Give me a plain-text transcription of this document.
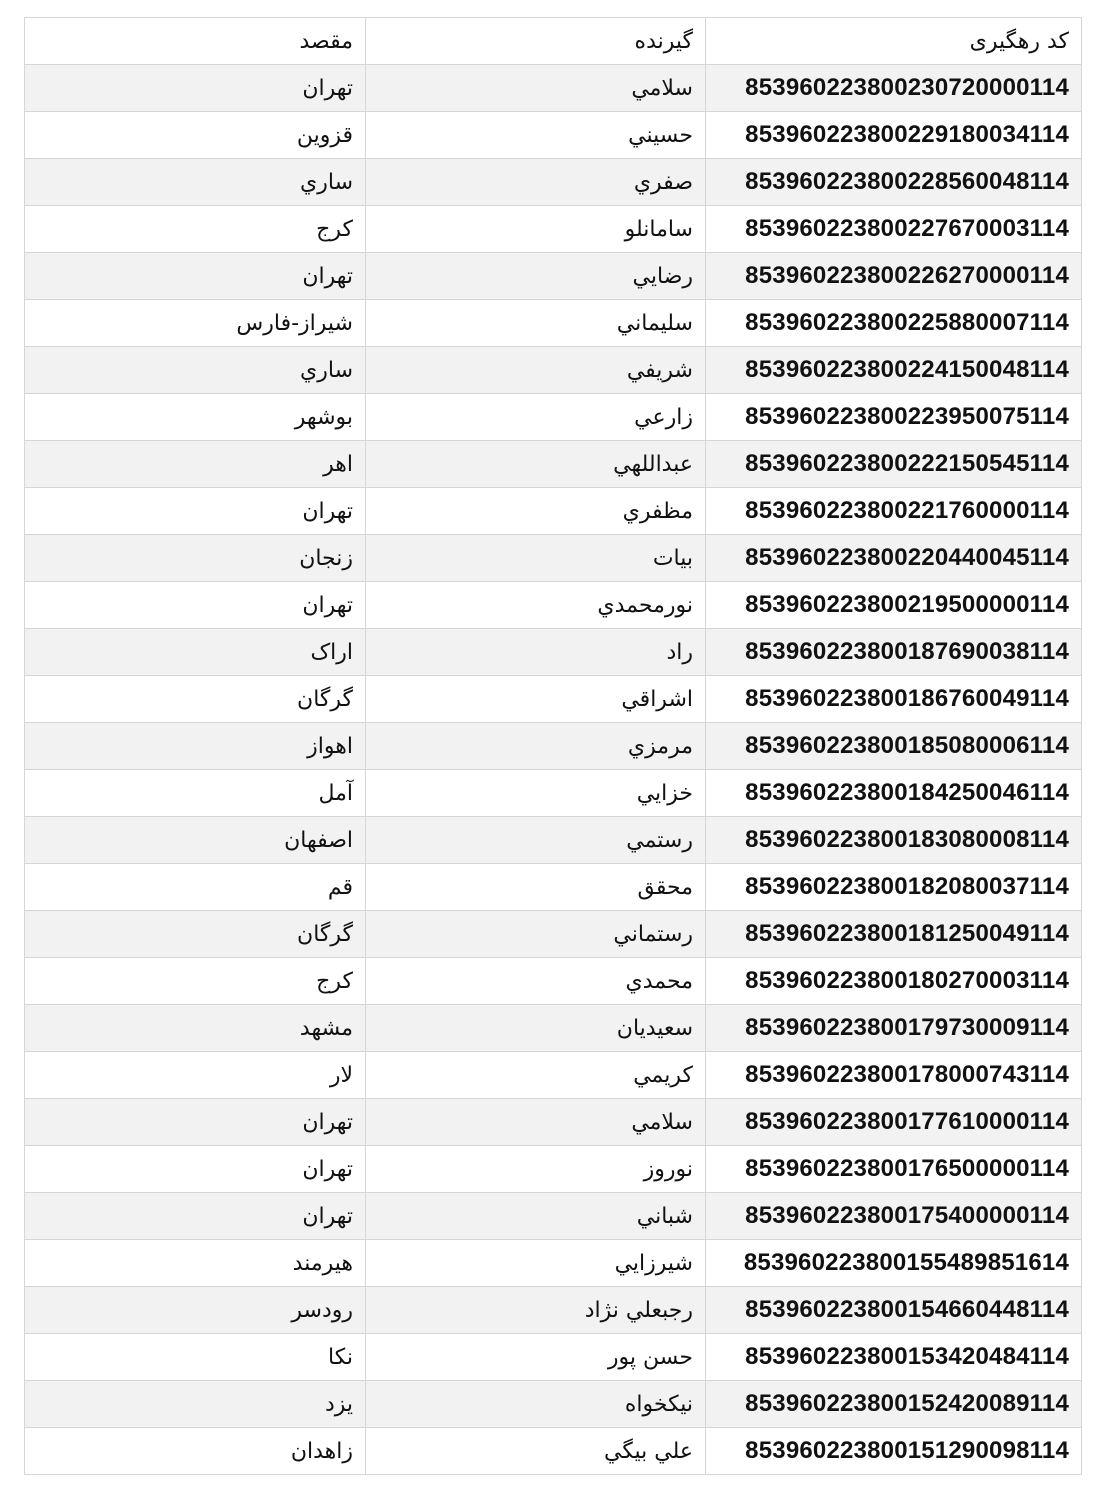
کد رهگیری	گیرنده	مقصد
853960223800230720000114	سلامي	تهران
853960223800229180034114	حسيني	قزوين
853960223800228560048114	صفري	ساري
853960223800227670003114	سامانلو	كرج
853960223800226270000114	رضايي	تهران
853960223800225880007114	سليماني	شيراز-فارس
853960223800224150048114	شريفي	ساري
853960223800223950075114	زارعي	بوشهر
853960223800222150545114	عبداللهي	اهر
853960223800221760000114	مظفري	تهران
853960223800220440045114	بيات	زنجان
853960223800219500000114	نورمحمدي	تهران
853960223800187690038114	راد	اراک
853960223800186760049114	اشراقي	گرگان
853960223800185080006114	مرمزي	اهواز
853960223800184250046114	خزايي	آمل
853960223800183080008114	رستمي	اصفهان
853960223800182080037114	محقق	قم
853960223800181250049114	رستماني	گرگان
853960223800180270003114	محمدي	كرج
853960223800179730009114	سعيديان	مشهد
853960223800178000743114	كريمي	لار
853960223800177610000114	سلامي	تهران
853960223800176500000114	نوروز	تهران
853960223800175400000114	شباني	تهران
853960223800155489851614	شيرزايي	هيرمند
853960223800154660448114	رجبعلي نژاد	رودسر
853960223800153420484114	حسن پور	نكا
853960223800152420089114	نيكخواه	يزد
853960223800151290098114	علي بيگي	زاهدان
